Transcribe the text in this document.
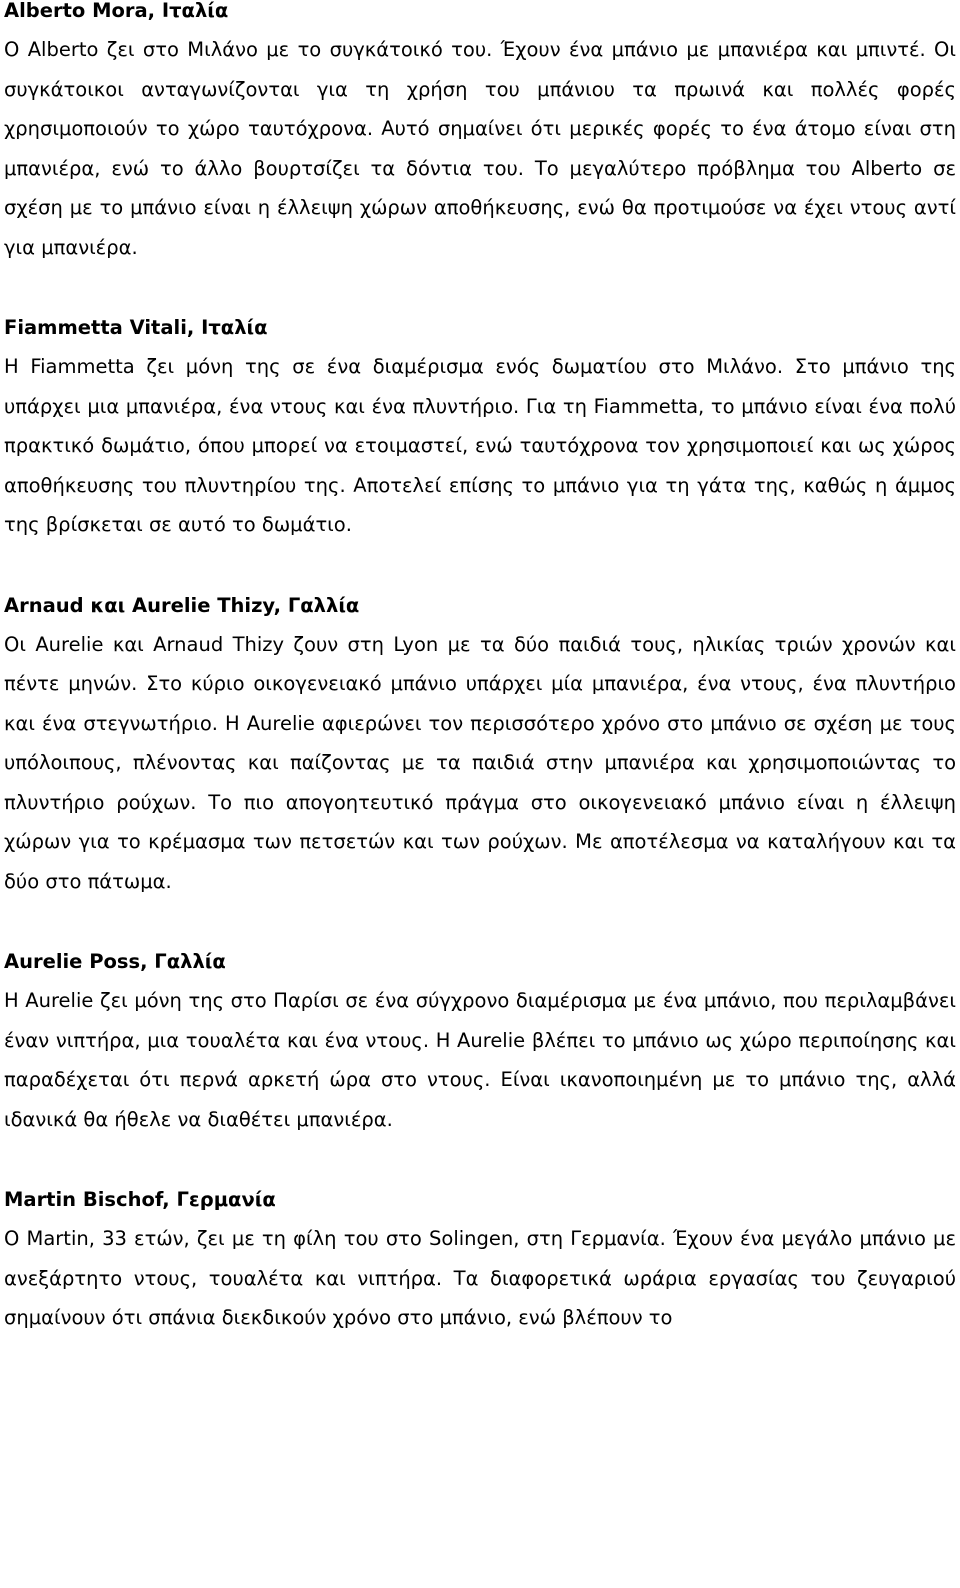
Alberto Mora, Ιταλία

Ο Alberto ζει στο Μιλάνο με το συγκάτοικό του. Έχουν ένα μπάνιο με μπανιέρα και μπιντέ. Οι συγκάτοικοι ανταγωνίζονται για τη χρήση του μπάνιου τα πρωινά και πολλές φορές χρησιμοποιούν το χώρο ταυτόχρονα. Αυτό σημαίνει ότι μερικές φορές το ένα άτομο είναι στη μπανιέρα, ενώ το άλλο βουρτσίζει τα δόντια του. Το μεγαλύτερο πρόβλημα του Alberto σε σχέση με το μπάνιο είναι η έλλειψη χώρων αποθήκευσης, ενώ θα προτιμούσε να έχει ντους αντί για μπανιέρα.

Fiammetta Vitali, Ιταλία

Η Fiammetta ζει μόνη της σε ένα διαμέρισμα ενός δωματίου στο Μιλάνο. Στο μπάνιο της υπάρχει μια μπανιέρα, ένα ντους και ένα πλυντήριο. Για τη Fiammetta, το μπάνιο είναι ένα πολύ πρακτικό δωμάτιο, όπου μπορεί να ετοιμαστεί, ενώ ταυτόχρονα τον χρησιμοποιεί και ως χώρος αποθήκευσης του πλυντηρίου της. Αποτελεί επίσης το μπάνιο για τη γάτα της, καθώς η άμμος της βρίσκεται σε αυτό το δωμάτιο.

Arnaud και Aurelie Thizy, Γαλλία

Οι Aurelie και Arnaud Thizy ζουν στη Lyon με τα δύο παιδιά τους, ηλικίας τριών χρονών και πέντε μηνών. Στο κύριο οικογενειακό μπάνιο υπάρχει μία μπανιέρα, ένα ντους, ένα πλυντήριο και ένα στεγνωτήριο. Η Aurelie αφιερώνει τον περισσότερο χρόνο στο μπάνιο σε σχέση με τους υπόλοιπους, πλένοντας και παίζοντας με τα παιδιά στην μπανιέρα και χρησιμοποιώντας το πλυντήριο ρούχων. Το πιο απογοητευτικό πράγμα στο οικογενειακό μπάνιο είναι η έλλειψη χώρων για το κρέμασμα των πετσετών και των ρούχων. Με αποτέλεσμα να καταλήγουν και τα δύο στο πάτωμα.

Aurelie Poss, Γαλλία

Η Aurelie ζει μόνη της στο Παρίσι σε ένα σύγχρονο διαμέρισμα με ένα μπάνιο, που περιλαμβάνει έναν νιπτήρα, μια τουαλέτα και ένα ντους. Η Aurelie βλέπει το μπάνιο ως χώρο περιποίησης και παραδέχεται ότι περνά αρκετή ώρα στο ντους. Είναι ικανοποιημένη με το μπάνιο της, αλλά ιδανικά θα ήθελε να διαθέτει μπανιέρα.

Martin Bischof, Γερμανία

Ο Martin, 33 ετών, ζει με τη φίλη του στο Solingen, στη Γερμανία. Έχουν ένα μεγάλο μπάνιο με ανεξάρτητο ντους, τουαλέτα και νιπτήρα. Τα διαφορετικά ωράρια εργασίας του ζευγαριού σημαίνουν ότι σπάνια διεκδικούν χρόνο στο μπάνιο, ενώ βλέπουν το
